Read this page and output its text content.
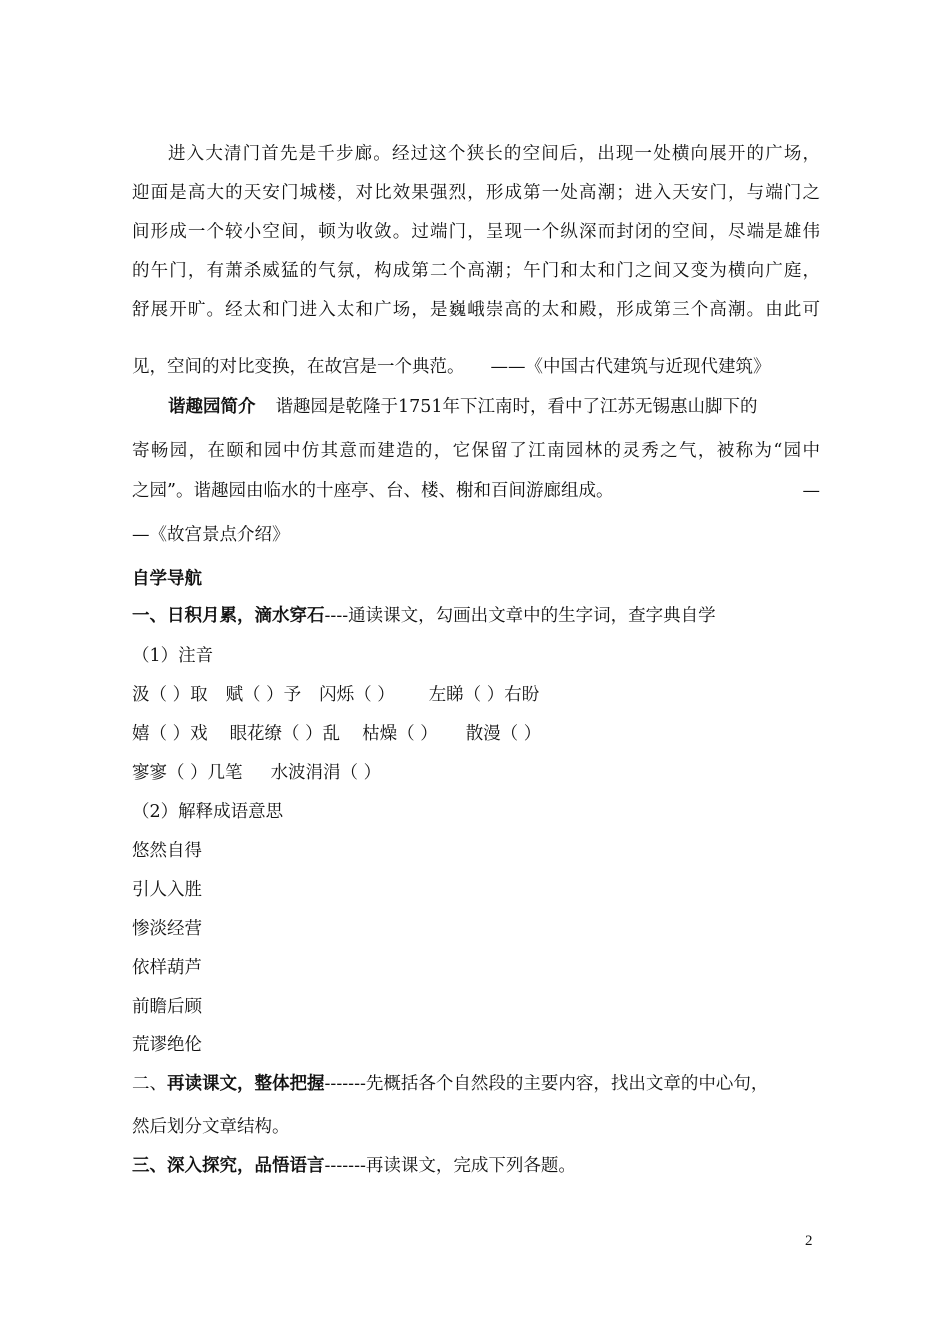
进入大清门首先是千步廊。经过这个狭长的空间后，出现一处横向展开的广场，
迎面是高大的天安门城楼，对比效果强烈，形成第一处高潮；进入天安门，与端门之
间形成一个较小空间，顿为收敛。过端门，呈现一个纵深而封闭的空间，尽端是雄伟
的午门，有萧杀威猛的气氛，构成第二个高潮；午门和太和门之间又变为横向广庭，
舒展开旷。经太和门进入太和广场，是巍峨崇高的太和殿，形成第三个高潮。由此可
见，空间的对比变换，在故宫是一个典范。 ——《中国古代建筑与近现代建筑》
谐趣园简介 谐趣园是乾隆于1751年下江南时，看中了江苏无锡惠山脚下的
寄畅园，在颐和园中仿其意而建造的，它保留了江南园林的灵秀之气，被称为“园中
之园”。谐趣园由临水的十座亭、台、楼、榭和百间游廊组成。	—
—《故宫景点介绍》
自学导航
一、日积月累，滴水穿石----通读课文，勾画出文章中的生字词，查字典自学
（1）注音
汲（ ）取 赋（ ）予 闪烁（ ） 左睇（ ）右盼
嬉（ ）戏 眼花缭（ ）乱 枯燥（ ） 散漫（ ）
寥寥（ ）几笔 水波涓涓（ ）
（2）解释成语意思
悠然自得
引人入胜
惨淡经营
依样葫芦
前瞻后顾
荒谬绝伦
二、再读课文，整体把握-------先概括各个自然段的主要内容，找出文章的中心句，
然后划分文章结构。
三、深入探究，品悟语言-------再读课文，完成下列各题。
2
